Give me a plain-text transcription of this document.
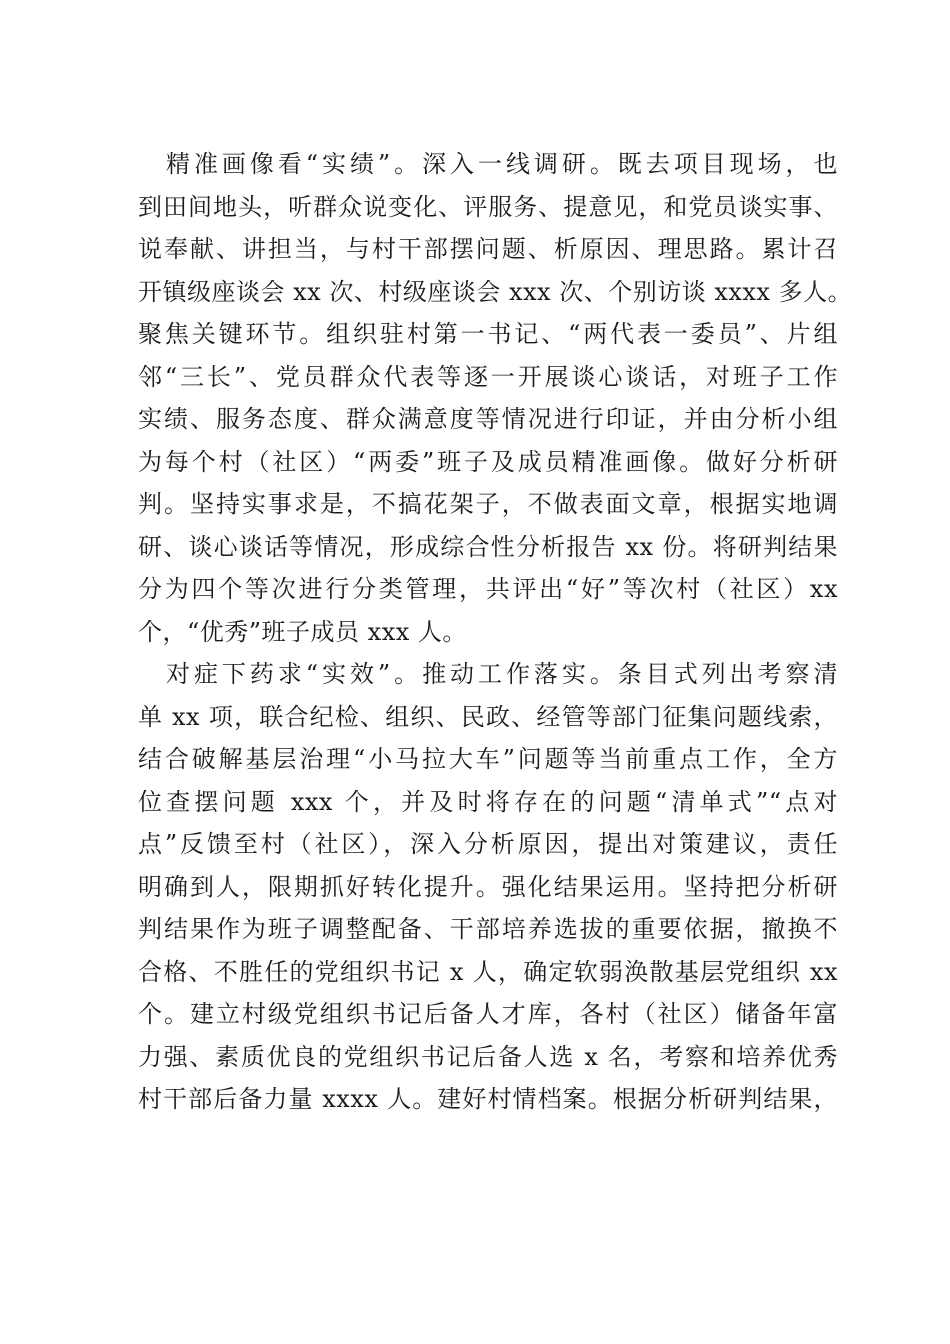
精准画像看“实绩”。深入一线调研。既去项目现场，也
到田间地头，听群众说变化、评服务、提意见，和党员谈实事、
说奉献、讲担当，与村干部摆问题、析原因、理思路。累计召
开镇级座谈会 xx 次、村级座谈会 xxx 次、个别访谈 xxxx 多人。
聚焦关键环节。组织驻村第一书记、“两代表一委员”、片组
邻“三长”、党员群众代表等逐一开展谈心谈话，对班子工作
实绩、服务态度、群众满意度等情况进行印证，并由分析小组
为每个村（社区）“两委”班子及成员精准画像。做好分析研
判。坚持实事求是，不搞花架子，不做表面文章，根据实地调
研、谈心谈话等情况，形成综合性分析报告 xx 份。将研判结果
分为四个等次进行分类管理，共评出“好”等次村（社区）xx
个，“优秀”班子成员 xxx 人。
对症下药求“实效”。推动工作落实。条目式列出考察清
单 xx 项，联合纪检、组织、民政、经管等部门征集问题线索，
结合破解基层治理“小马拉大车”问题等当前重点工作，全方
位查摆问题 xxx 个，并及时将存在的问题“清单式”“点对
点”反馈至村（社区），深入分析原因，提出对策建议，责任
明确到人，限期抓好转化提升。强化结果运用。坚持把分析研
判结果作为班子调整配备、干部培养选拔的重要依据，撤换不
合格、不胜任的党组织书记 x 人，确定软弱涣散基层党组织 xx
个。建立村级党组织书记后备人才库，各村（社区）储备年富
力强、素质优良的党组织书记后备人选 x 名，考察和培养优秀
村干部后备力量 xxxx 人。建好村情档案。根据分析研判结果，
